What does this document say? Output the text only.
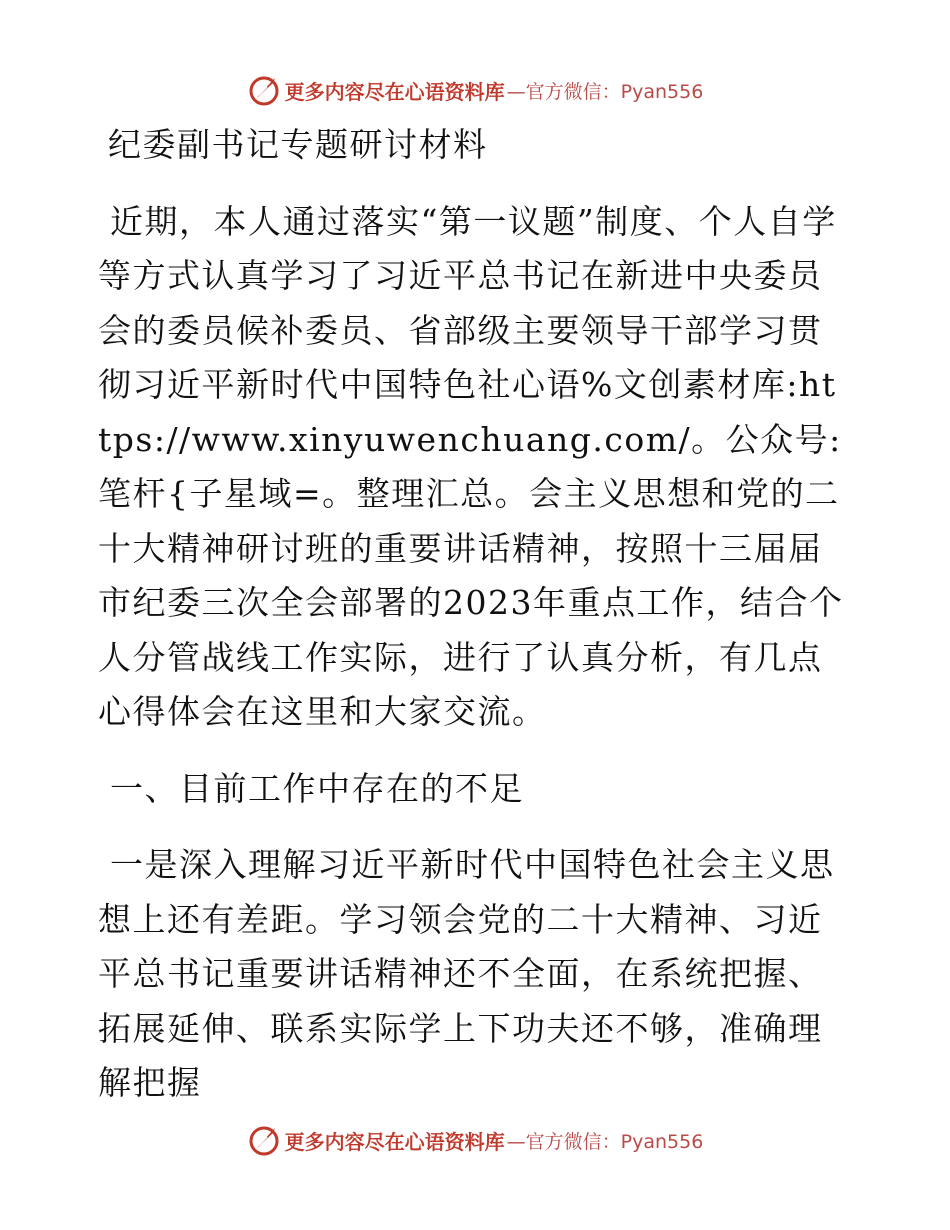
更多内容尽在心语资料库 —官方微信：Pyan556

纪委副书记专题研讨材料

近期，本人通过落实“第一议题”制度、个人自学等方式认真学习了习近平总书记在新进中央委员会的委员候补委员、省部级主要领导干部学习贯彻习近平新时代中国特色社心语%文创素材库:https://www.xinyuwenchuang.com/。公众号: 笔杆{子星域=。整理汇总。会主义思想和党的二十大精神研讨班的重要讲话精神，按照十三届届市纪委三次全会部署的2023年重点工作，结合个人分管战线工作实际，进行了认真分析，有几点心得体会在这里和大家交流。

一、目前工作中存在的不足

一是深入理解习近平新时代中国特色社会主义思想上还有差距。学习领会党的二十大精神、习近平总书记重要讲话精神还不全面，在系统把握、拓展延伸、联系实际学上下功夫还不够，准确理解把握

更多内容尽在心语资料库 —官方微信：Pyan556
